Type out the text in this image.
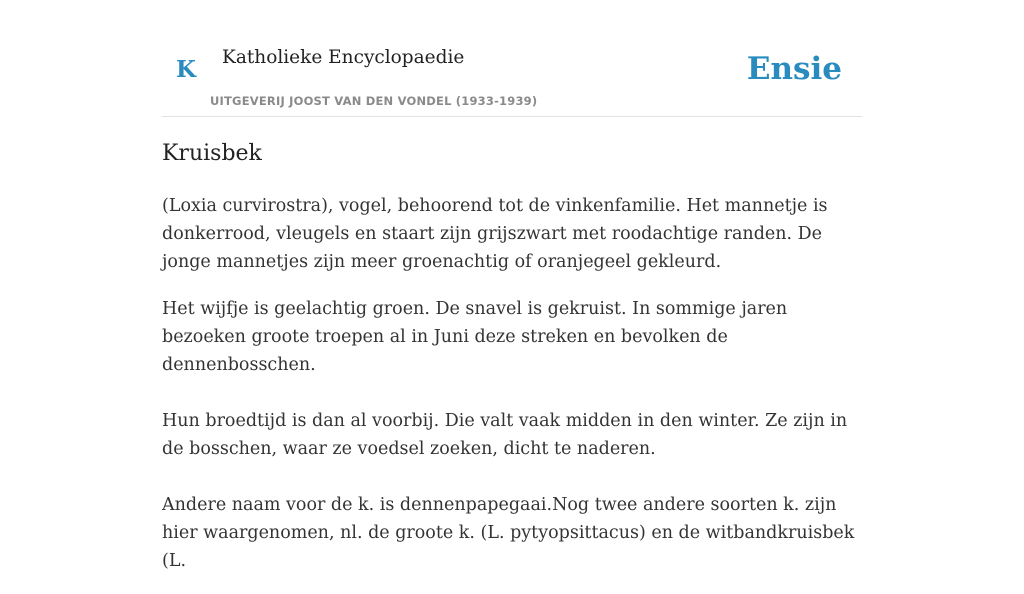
K Katholieke Encyclopaedie
UITGEVERIJ JOOST VAN DEN VONDEL (1933-1939)
Ensie
Kruisbek

(Loxia curvirostra), vogel, behoorend tot de vinkenfamilie. Het mannetje is donkerrood, vleugels en staart zijn grijszwart met roodachtige randen. De jonge mannetjes zijn meer groenachtig of oranjegeel gekleurd.

Het wijfje is geelachtig groen. De snavel is gekruist. In sommige jaren bezoeken groote troepen al in Juni deze streken en bevolken de dennenbosschen.

Hun broedtijd is dan al voorbij. Die valt vaak midden in den winter. Ze zijn in de bosschen, waar ze voedsel zoeken, dicht te naderen.

Andere naam voor de k. is dennenpapegaai.Nog twee andere soorten k. zijn hier waargenomen, nl. de groote k. (L. pytyopsittacus) en de witbandkruisbek (L.
